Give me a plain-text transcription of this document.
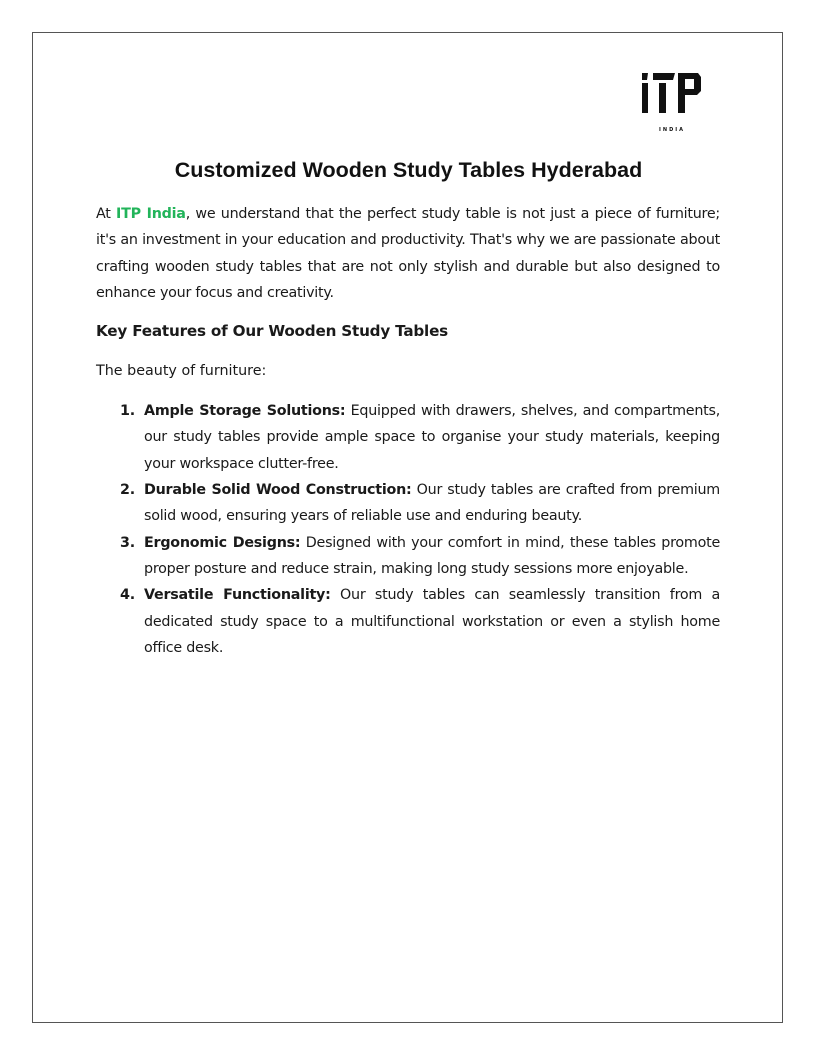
INDIA
Customized Wooden Study Tables Hyderabad

At ITP India, we understand that the perfect study table is not just a piece of furniture; it's an investment in your education and productivity. That's why we are passionate about crafting wooden study tables that are not only stylish and durable but also designed to enhance your focus and creativity.

Key Features of Our Wooden Study Tables

The beauty of furniture:

1. Ample Storage Solutions: Equipped with drawers, shelves, and compartments, our study tables provide ample space to organise your study materials, keeping your workspace clutter-free.
2. Durable Solid Wood Construction: Our study tables are crafted from premium solid wood, ensuring years of reliable use and enduring beauty.
3. Ergonomic Designs: Designed with your comfort in mind, these tables promote proper posture and reduce strain, making long study sessions more enjoyable.
4. Versatile Functionality: Our study tables can seamlessly transition from a dedicated study space to a multifunctional workstation or even a stylish home office desk.
